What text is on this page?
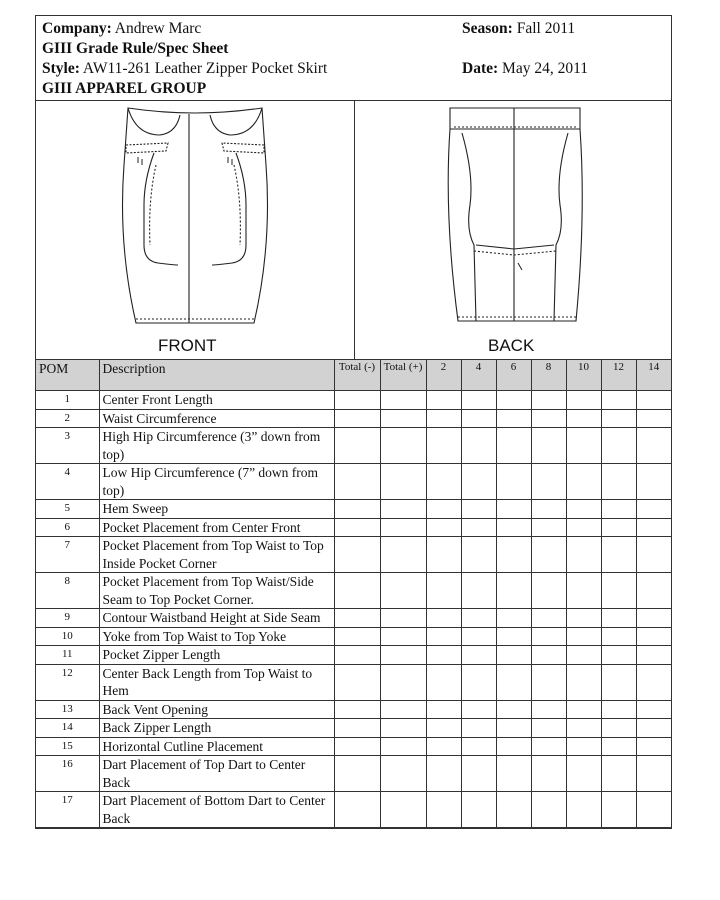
Company: Andrew Marc
GIII Grade Rule/Spec Sheet
Style: AW11-261 Leather Zipper Pocket Skirt
GIII APPAREL GROUP
Season: Fall 2011
Date: May 24, 2011
FRONT	BACK
POM	Description	Total (-)	Total (+)	2	4	6	8	10	12	14
1	Center Front Length									
2	Waist Circumference									
3	High Hip Circumference (3” down from top)									
4	Low Hip Circumference (7” down from top)									
5	Hem Sweep									
6	Pocket Placement from Center Front									
7	Pocket Placement from Top Waist to Top Inside Pocket Corner									
8	Pocket Placement from Top Waist/Side Seam to Top Pocket Corner.									
9	Contour Waistband Height at Side Seam									
10	Yoke from Top Waist to Top Yoke									
11	Pocket Zipper Length									
12	Center Back Length from Top Waist to Hem									
13	Back Vent Opening									
14	Back Zipper Length									
15	Horizontal Cutline Placement									
16	Dart Placement of Top Dart to Center Back									
17	Dart Placement of Bottom Dart to Center Back									
